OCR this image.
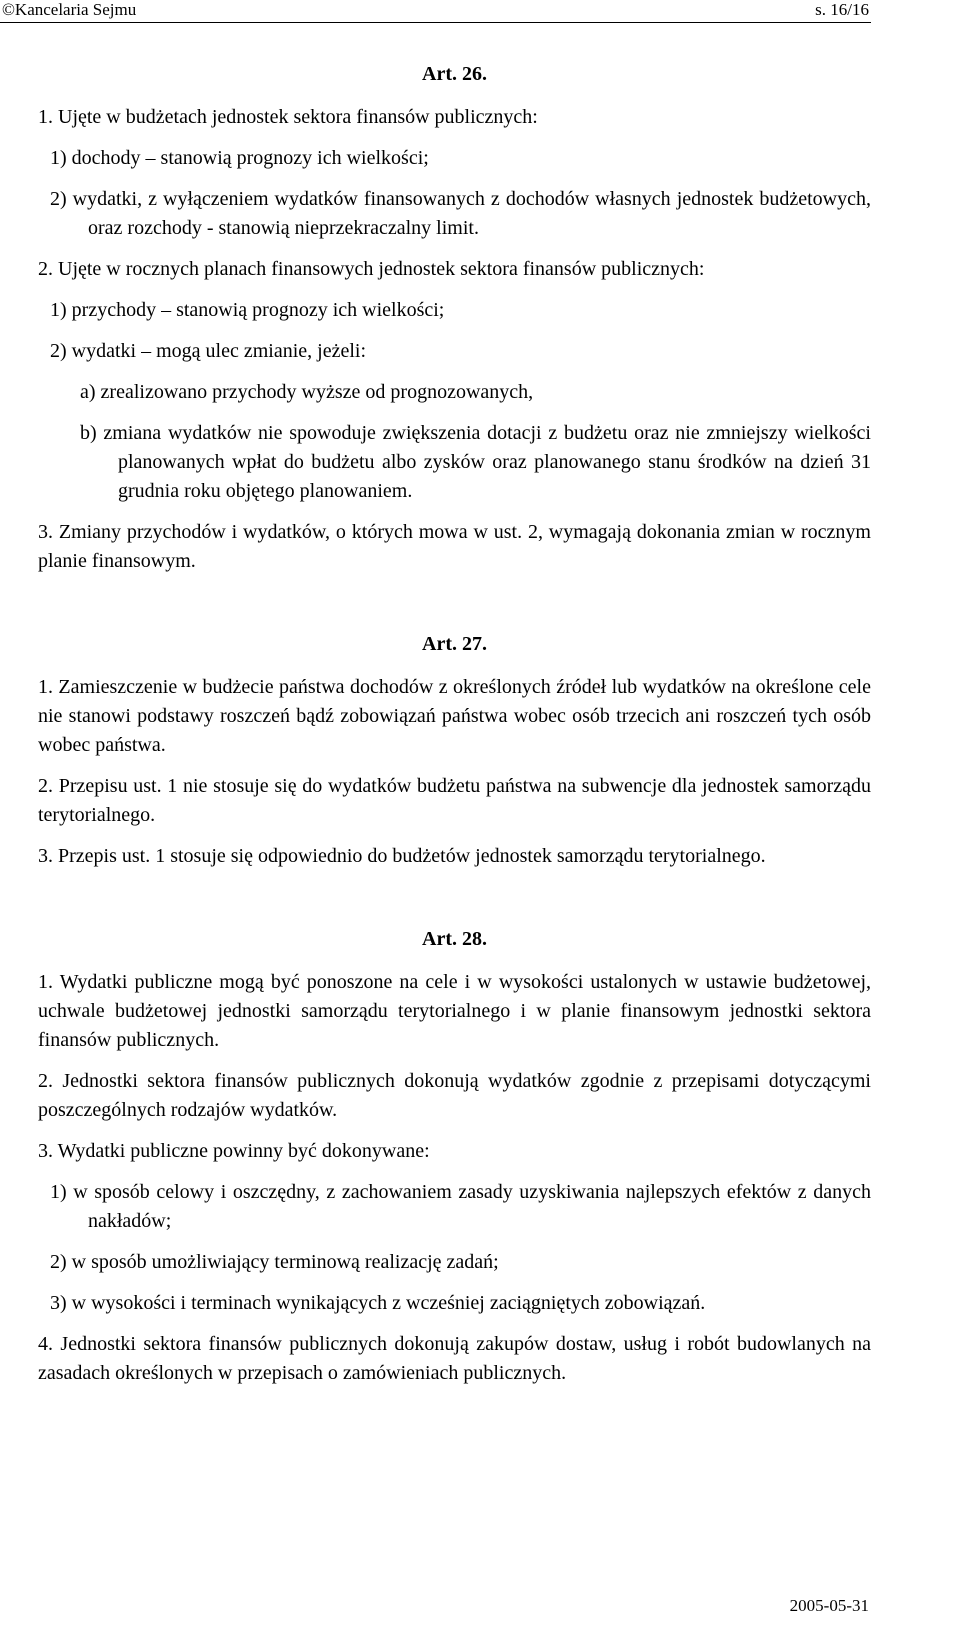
©Kancelaria Sejmu	s. 16/16
Art. 26.
1. Ujęte w budżetach jednostek sektora finansów publicznych:
1) dochody – stanowią prognozy ich wielkości;
2) wydatki, z wyłączeniem wydatków finansowanych z dochodów własnych jednostek budżetowych, oraz rozchody - stanowią nieprzekraczalny limit.
2. Ujęte w rocznych planach finansowych jednostek sektora finansów publicznych:
1) przychody – stanowią prognozy ich wielkości;
2) wydatki – mogą ulec zmianie, jeżeli:
a) zrealizowano przychody wyższe od prognozowanych,
b) zmiana wydatków nie spowoduje zwiększenia dotacji z budżetu oraz nie zmniejszy wielkości planowanych wpłat do budżetu albo zysków oraz planowanego stanu środków na dzień 31 grudnia roku objętego planowaniem.
3. Zmiany przychodów i wydatków, o których mowa w ust. 2, wymagają dokonania zmian w rocznym planie finansowym.
Art. 27.
1. Zamieszczenie w budżecie państwa dochodów z określonych źródeł lub wydatków na określone cele nie stanowi podstawy roszczeń bądź zobowiązań państwa wobec osób trzecich ani roszczeń tych osób wobec państwa.
2. Przepisu ust. 1 nie stosuje się do wydatków budżetu państwa na subwencje dla jednostek samorządu terytorialnego.
3. Przepis ust. 1 stosuje się odpowiednio do budżetów jednostek samorządu terytorialnego.
Art. 28.
1. Wydatki publiczne mogą być ponoszone na cele i w wysokości ustalonych w ustawie budżetowej, uchwale budżetowej jednostki samorządu terytorialnego i w planie finansowym jednostki sektora finansów publicznych.
2. Jednostki sektora finansów publicznych dokonują wydatków zgodnie z przepisami dotyczącymi poszczególnych rodzajów wydatków.
3. Wydatki publiczne powinny być dokonywane:
1) w sposób celowy i oszczędny, z zachowaniem zasady uzyskiwania najlepszych efektów z danych nakładów;
2) w sposób umożliwiający terminową realizację zadań;
3) w wysokości i terminach wynikających z wcześniej zaciągniętych zobowiązań.
4. Jednostki sektora finansów publicznych dokonują zakupów dostaw, usług i robót budowlanych na zasadach określonych w przepisach o zamówieniach publicznych.
2005-05-31
